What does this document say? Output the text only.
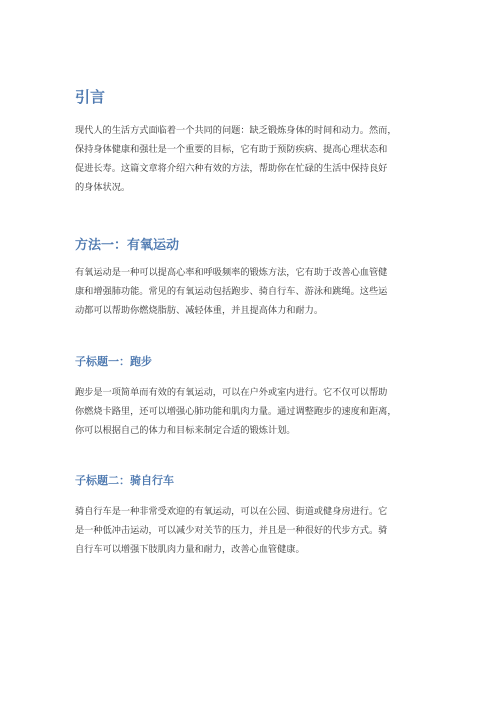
引言
现代人的生活方式面临着一个共同的问题：缺乏锻炼身体的时间和动力。然而，
保持身体健康和强壮是一个重要的目标，它有助于预防疾病、提高心理状态和
促进长寿。这篇文章将介绍六种有效的方法，帮助你在忙碌的生活中保持良好
的身体状况。
方法一：有氧运动
有氧运动是一种可以提高心率和呼吸频率的锻炼方法，它有助于改善心血管健
康和增强肺功能。常见的有氧运动包括跑步、骑自行车、游泳和跳绳。这些运
动都可以帮助你燃烧脂肪、减轻体重，并且提高体力和耐力。
子标题一：跑步
跑步是一项简单而有效的有氧运动，可以在户外或室内进行。它不仅可以帮助
你燃烧卡路里，还可以增强心肺功能和肌肉力量。通过调整跑步的速度和距离，
你可以根据自己的体力和目标来制定合适的锻炼计划。
子标题二：骑自行车
骑自行车是一种非常受欢迎的有氧运动，可以在公园、街道或健身房进行。它
是一种低冲击运动，可以减少对关节的压力，并且是一种很好的代步方式。骑
自行车可以增强下肢肌肉力量和耐力，改善心血管健康。
